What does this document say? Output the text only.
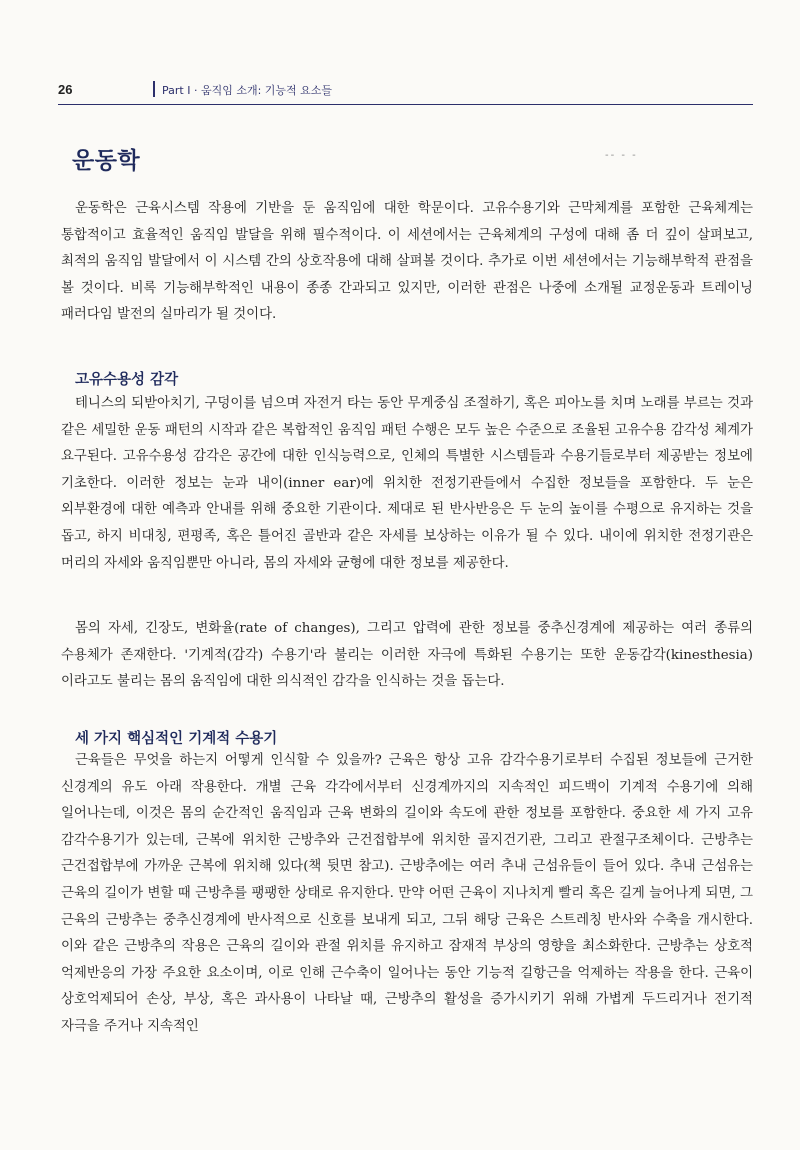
26	Part I · 움직임 소개: 기능적 요소들
운동학	-- ‐ -

운동학은 근육시스템 작용에 기반을 둔 움직임에 대한 학문이다. 고유수용기와 근막체계를 포함한 근육체계는 통합적이고 효율적인 움직임 발달을 위해 필수적이다. 이 세션에서는 근육체계의 구성에 대해 좀 더 깊이 살펴보고, 최적의 움직임 발달에서 이 시스템 간의 상호작용에 대해 살펴볼 것이다. 추가로 이번 세션에서는 기능해부학적 관점을 볼 것이다. 비록 기능해부학적인 내용이 종종 간과되고 있지만, 이러한 관점은 나중에 소개될 교정운동과 트레이닝 패러다임 발전의 실마리가 될 것이다.

고유수용성 감각

테니스의 되받아치기, 구덩이를 넘으며 자전거 타는 동안 무게중심 조절하기, 혹은 피아노를 치며 노래를 부르는 것과 같은 세밀한 운동 패턴의 시작과 같은 복합적인 움직임 패턴 수행은 모두 높은 수준으로 조율된 고유수용 감각성 체계가 요구된다. 고유수용성 감각은 공간에 대한 인식능력으로, 인체의 특별한 시스템들과 수용기들로부터 제공받는 정보에 기초한다. 이러한 정보는 눈과 내이(inner ear)에 위치한 전정기관들에서 수집한 정보들을 포함한다. 두 눈은 외부환경에 대한 예측과 안내를 위해 중요한 기관이다. 제대로 된 반사반응은 두 눈의 높이를 수평으로 유지하는 것을 돕고, 하지 비대칭, 편평족, 혹은 틀어진 골반과 같은 자세를 보상하는 이유가 될 수 있다. 내이에 위치한 전정기관은 머리의 자세와 움직임뿐만 아니라, 몸의 자세와 균형에 대한 정보를 제공한다.

몸의 자세, 긴장도, 변화율(rate of changes), 그리고 압력에 관한 정보를 중추신경계에 제공하는 여러 종류의 수용체가 존재한다. '기계적(감각) 수용기'라 불리는 이러한 자극에 특화된 수용기는 또한 운동감각(kinesthesia)이라고도 불리는 몸의 움직임에 대한 의식적인 감각을 인식하는 것을 돕는다.

세 가지 핵심적인 기계적 수용기

근육들은 무엇을 하는지 어떻게 인식할 수 있을까? 근육은 항상 고유 감각수용기로부터 수집된 정보들에 근거한 신경계의 유도 아래 작용한다. 개별 근육 각각에서부터 신경계까지의 지속적인 피드백이 기계적 수용기에 의해 일어나는데, 이것은 몸의 순간적인 움직임과 근육 변화의 길이와 속도에 관한 정보를 포함한다. 중요한 세 가지 고유 감각수용기가 있는데, 근복에 위치한 근방추와 근건접합부에 위치한 골지건기관, 그리고 관절구조체이다. 근방추는 근건접합부에 가까운 근복에 위치해 있다(책 뒷면 참고). 근방추에는 여러 추내 근섬유들이 들어 있다. 추내 근섬유는 근육의 길이가 변할 때 근방추를 팽팽한 상태로 유지한다. 만약 어떤 근육이 지나치게 빨리 혹은 길게 늘어나게 되면, 그 근육의 근방추는 중추신경계에 반사적으로 신호를 보내게 되고, 그뒤 해당 근육은 스트레칭 반사와 수축을 개시한다. 이와 같은 근방추의 작용은 근육의 길이와 관절 위치를 유지하고 잠재적 부상의 영향을 최소화한다. 근방추는 상호적 억제반응의 가장 주요한 요소이며, 이로 인해 근수축이 일어나는 동안 기능적 길항근을 억제하는 작용을 한다. 근육이 상호억제되어 손상, 부상, 혹은 과사용이 나타날 때, 근방추의 활성을 증가시키기 위해 가볍게 두드리거나 전기적 자극을 주거나 지속적인
